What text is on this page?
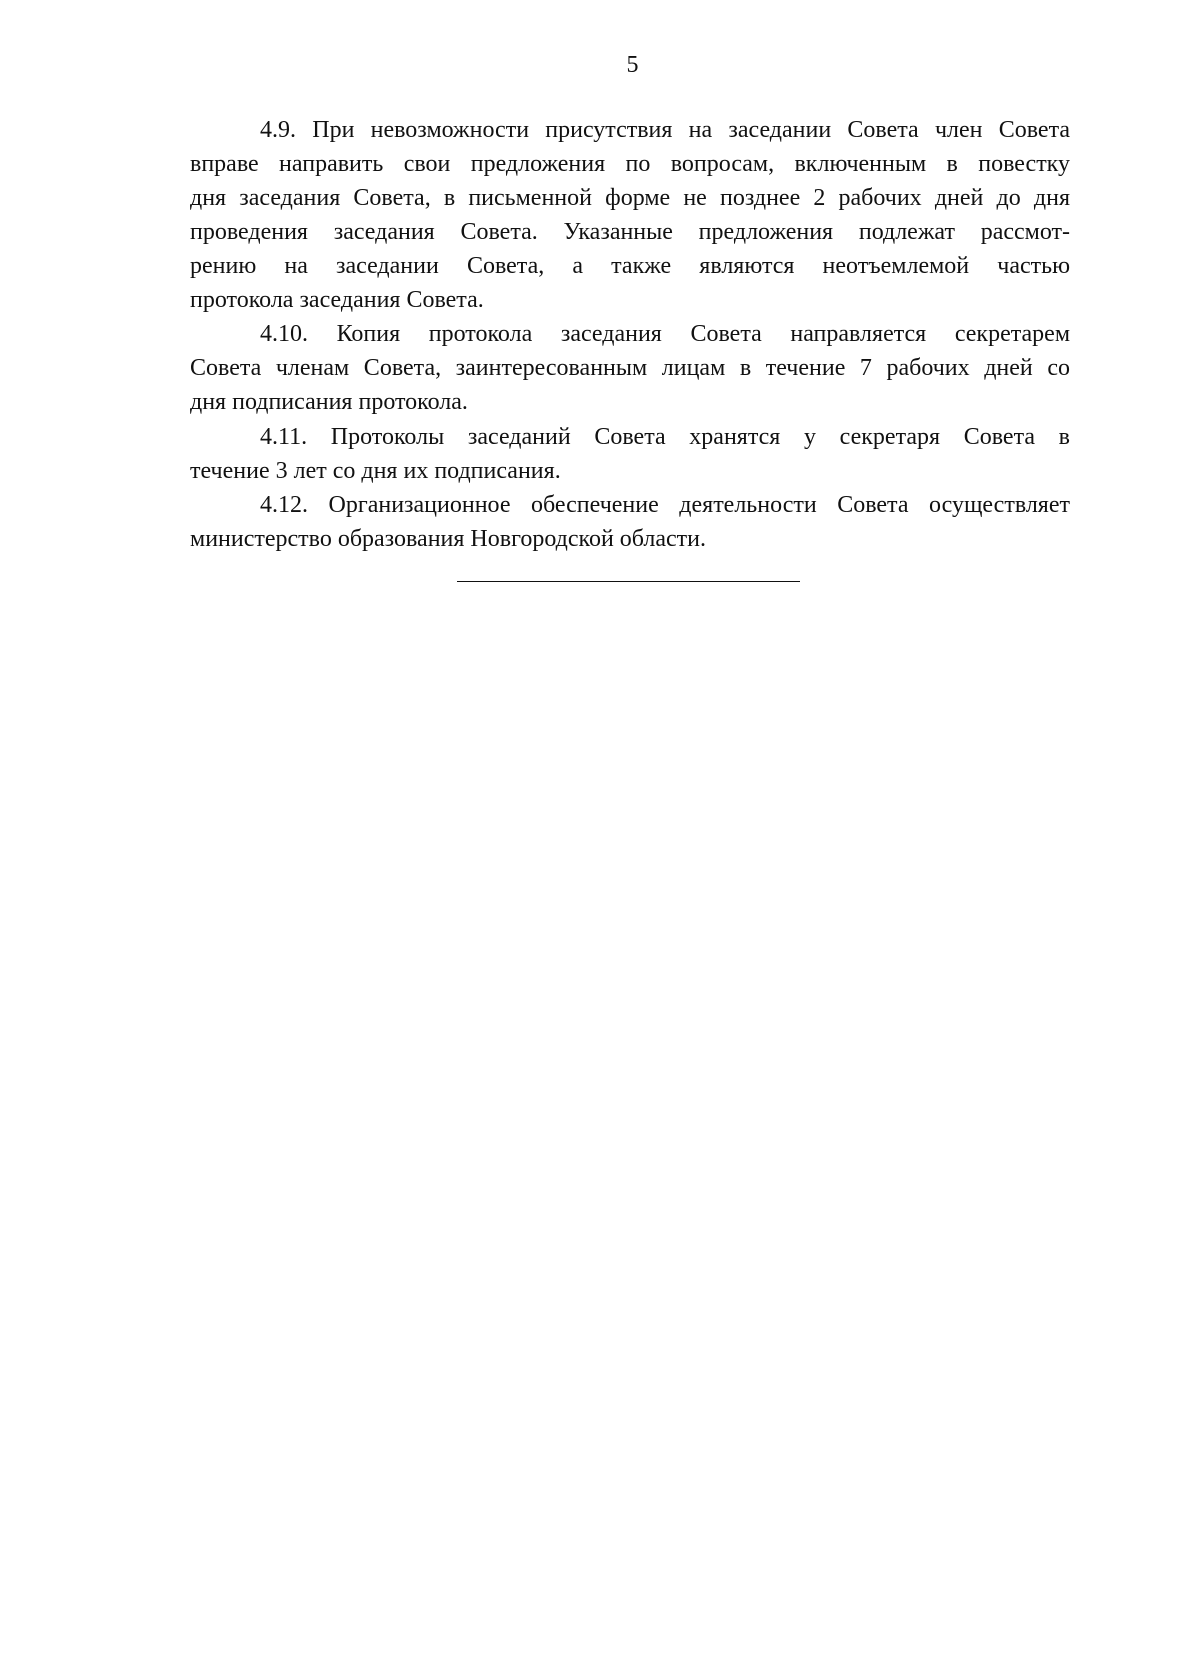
5
4.9. При невозможности присутствия на заседании Совета член Совета
вправе направить свои предложения по вопросам, включенным в повестку
дня заседания Совета, в письменной форме не позднее 2 рабочих дней до дня
проведения заседания Совета. Указанные предложения подлежат рассмот-
рению на заседании Совета, а также являются неотъемлемой частью
протокола заседания Совета.
4.10. Копия протокола заседания Совета направляется секретарем
Совета членам Совета, заинтересованным лицам в течение 7 рабочих дней со
дня подписания протокола.
4.11. Протоколы заседаний Совета хранятся у секретаря Совета в
течение 3 лет со дня их подписания.
4.12. Организационное обеспечение деятельности Совета осуществляет
министерство образования Новгородской области.
